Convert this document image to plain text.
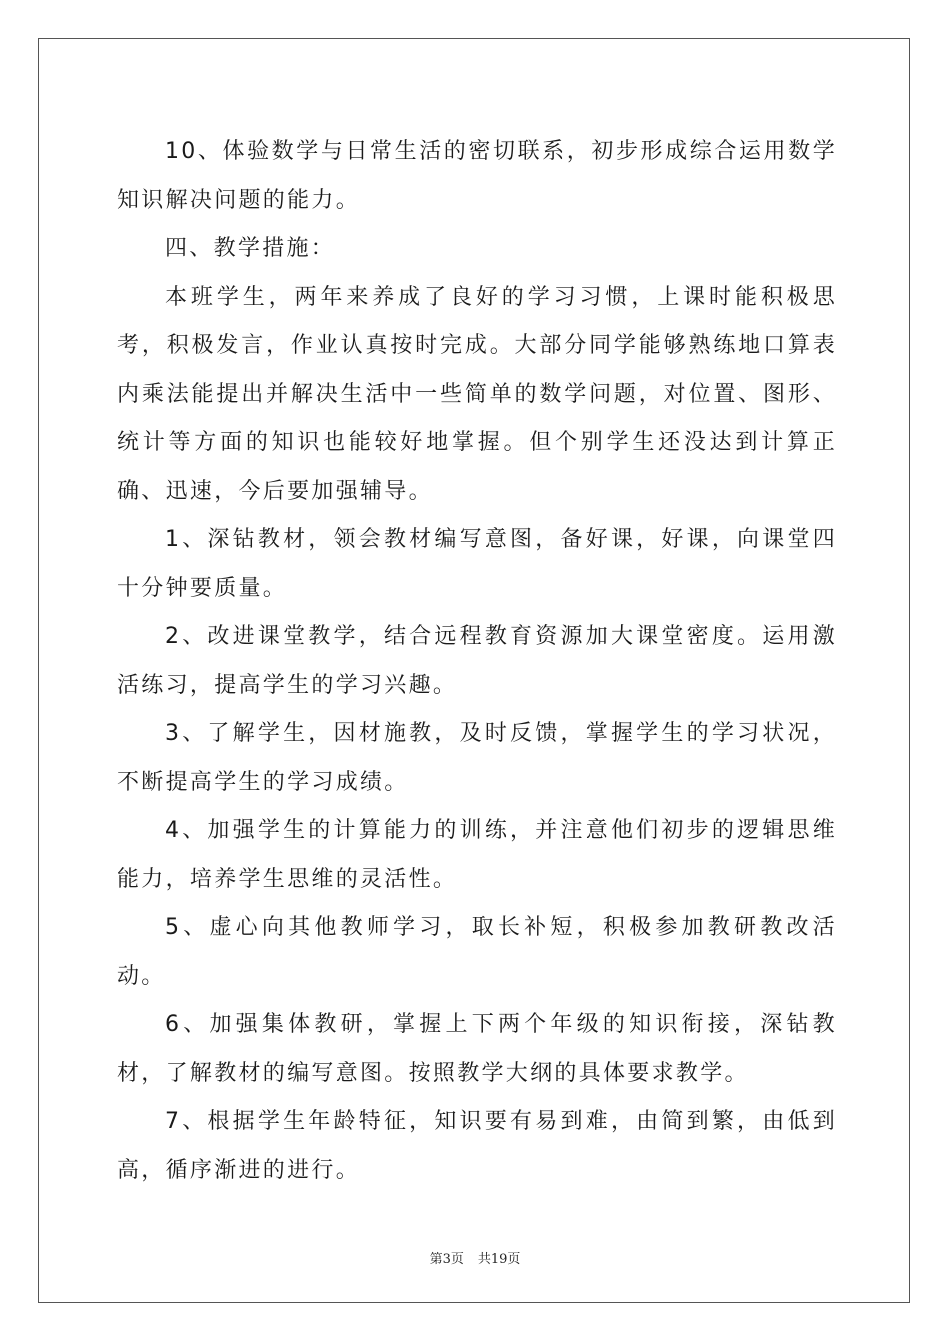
10、体验数学与日常生活的密切联系，初步形成综合运用数学知识解决问题的能力。

四、教学措施：

本班学生，两年来养成了良好的学习习惯，上课时能积极思考，积极发言，作业认真按时完成。大部分同学能够熟练地口算表内乘法能提出并解决生活中一些简单的数学问题，对位置、图形、统计等方面的知识也能较好地掌握。但个别学生还没达到计算正确、迅速，今后要加强辅导。

1、深钻教材，领会教材编写意图，备好课，好课，向课堂四十分钟要质量。

2、改进课堂教学，结合远程教育资源加大课堂密度。运用激活练习，提高学生的学习兴趣。

3、了解学生，因材施教，及时反馈，掌握学生的学习状况，不断提高学生的学习成绩。

4、加强学生的计算能力的训练，并注意他们初步的逻辑思维能力，培养学生思维的灵活性。

5、虚心向其他教师学习，取长补短，积极参加教研教改活动。

6、加强集体教研，掌握上下两个年级的知识衔接，深钻教材，了解教材的编写意图。按照教学大纲的具体要求教学。

7、根据学生年龄特征，知识要有易到难，由简到繁，由低到高，循序渐进的进行。

第3页 共19页
